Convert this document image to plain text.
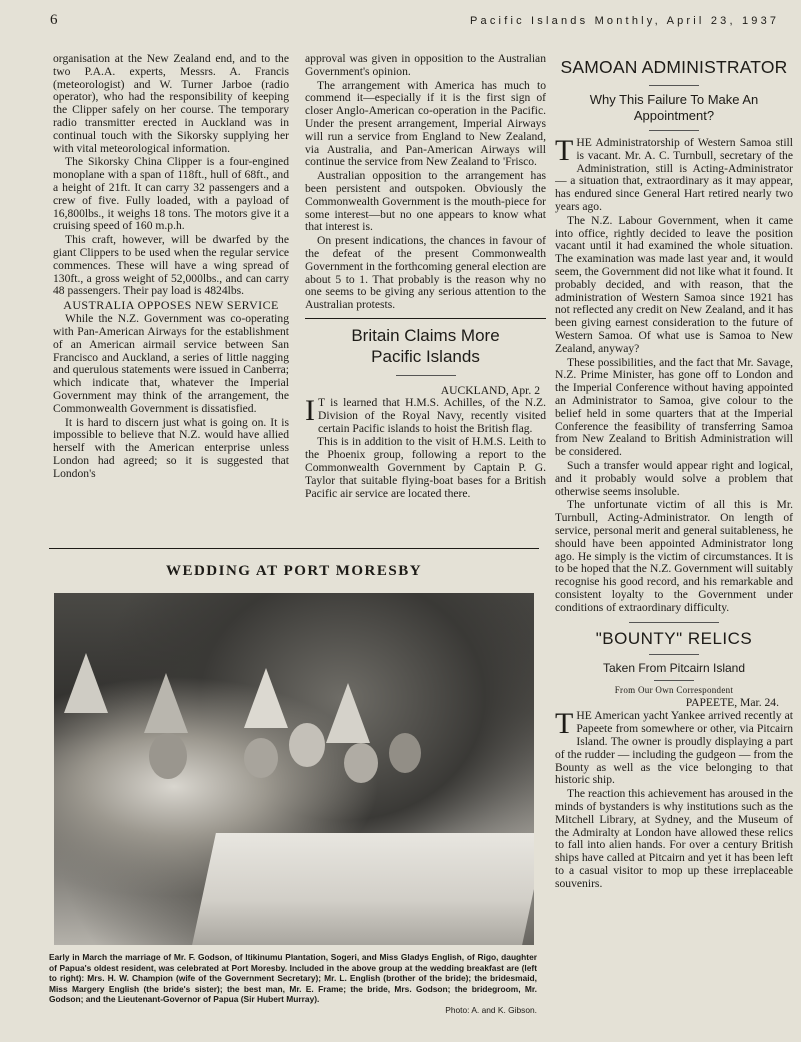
6	Pacific Islands Monthly, April 23, 1937

organisation at the New Zealand end, and to the two P.A.A. experts, Messrs. A. Francis (meteorologist) and W. Turner Jarboe (radio operator), who had the responsibility of keeping the Clipper safely on her course. The temporary radio transmitter erected in Auckland was in continual touch with the Sikorsky supplying her with vital meteorological information.

The Sikorsky China Clipper is a four-engined monoplane with a span of 118ft., hull of 68ft., and a height of 21ft. It can carry 32 passengers and a crew of five. Fully loaded, with a payload of 16,800lbs., it weighs 18 tons. The motors give it a cruising speed of 160 m.p.h.

This craft, however, will be dwarfed by the giant Clippers to be used when the regular service commences. These will have a wing spread of 130ft., a gross weight of 52,000lbs., and can carry 48 passengers. Their pay load is 4824lbs.

AUSTRALIA OPPOSES NEW SERVICE

While the N.Z. Government was co-operating with Pan-American Airways for the establishment of an American airmail service between San Francisco and Auckland, a series of little nagging and querulous statements were issued in Canberra; which indicate that, whatever the Imperial Government may think of the arrangement, the Commonwealth Government is dissatisfied.

It is hard to discern just what is going on. It is impossible to believe that N.Z. would have allied herself with the American enterprise unless London had agreed; so it is suggested that London's

approval was given in opposition to the Australian Government's opinion.

The arrangement with America has much to commend it—especially if it is the first sign of closer Anglo-American co-operation in the Pacific. Under the present arrangement, Imperial Airways will run a service from England to New Zealand, via Australia, and Pan-American Airways will continue the service from New Zealand to 'Frisco.

Australian opposition to the arrangement has been persistent and outspoken. Obviously the Commonwealth Government is the mouth-piece for some interest—but no one appears to know what that interest is.

On present indications, the chances in favour of the defeat of the present Commonwealth Government in the forthcoming general election are about 5 to 1. That probably is the reason why no one seems to be giving any serious attention to the Australian protests.

Britain Claims More Pacific Islands
AUCKLAND, Apr. 2

I T is learned that H.M.S. Achilles, of the N.Z. Division of the Royal Navy, recently visited certain Pacific islands to hoist the British flag.

This is in addition to the visit of H.M.S. Leith to the Phoenix group, following a report to the Commonwealth Government by Captain P. G. Taylor that suitable flying-boat bases for a British Pacific air service are located there.

WEDDING AT PORT MORESBY
Early in March the marriage of Mr. F. Godson, of Itikinumu Plantation, Sogeri, and Miss Gladys English, of Rigo, daughter of Papua's oldest resident, was celebrated at Port Moresby. Included in the above group at the wedding breakfast are (left to right): Mrs. H. W. Champion (wife of the Government Secretary); Mr. L. English (brother of the bride); the bridesmaid, Miss Margery English (the bride's sister); the best man, Mr. E. Frame; the bride, Mrs. Godson; the bridegroom, Mr. Godson; and the Lieutenant-Governor of Papua (Sir Hubert Murray).
Photo: A. and K. Gibson.
SAMOAN ADMINISTRATOR
Why This Failure To Make An Appointment?

THE Administratorship of Western Samoa still is vacant. Mr. A. C. Turnbull, secretary of the Administration, still is Acting-Administrator — a situation that, extraordinary as it may appear, has endured since General Hart retired nearly two years ago.

The N.Z. Labour Government, when it came into office, rightly decided to leave the position vacant until it had examined the whole situation. The examination was made last year and, it would seem, the Government did not like what it found. It probably decided, and with reason, that the administration of Western Samoa since 1921 has not reflected any credit on New Zealand, and it has been giving earnest consideration to the future of Western Samoa. Of what use is Samoa to New Zealand, anyway?

These possibilities, and the fact that Mr. Savage, N.Z. Prime Minister, has gone off to London and the Imperial Conference without having appointed an Administrator to Samoa, give colour to the belief held in some quarters that at the Imperial Conference the feasibility of transferring Samoa from New Zealand to British Administration will be considered.

Such a transfer would appear right and logical, and it probably would solve a problem that otherwise seems insoluble.

The unfortunate victim of all this is Mr. Turnbull, Acting-Administrator. On length of service, personal merit and general suitableness, he should have been appointed Administrator long ago. He simply is the victim of circumstances. It is to be hoped that the N.Z. Government will suitably recognise his good record, and his remarkable and consistent loyalty to the Government under conditions of extraordinary difficulty.

"BOUNTY" RELICS
Taken From Pitcairn Island
From Our Own Correspondent
PAPEETE, Mar. 24.

THE American yacht Yankee arrived recently at Papeete from somewhere or other, via Pitcairn Island. The owner is proudly displaying a part of the rudder — including the gudgeon — from the Bounty as well as the vice belonging to that historic ship.

The reaction this achievement has aroused in the minds of bystanders is why institutions such as the Mitchell Library, at Sydney, and the Museum of the Admiralty at London have allowed these relics to fall into alien hands. For over a century British ships have called at Pitcairn and yet it has been left to a casual visitor to mop up these irreplaceable souvenirs.
